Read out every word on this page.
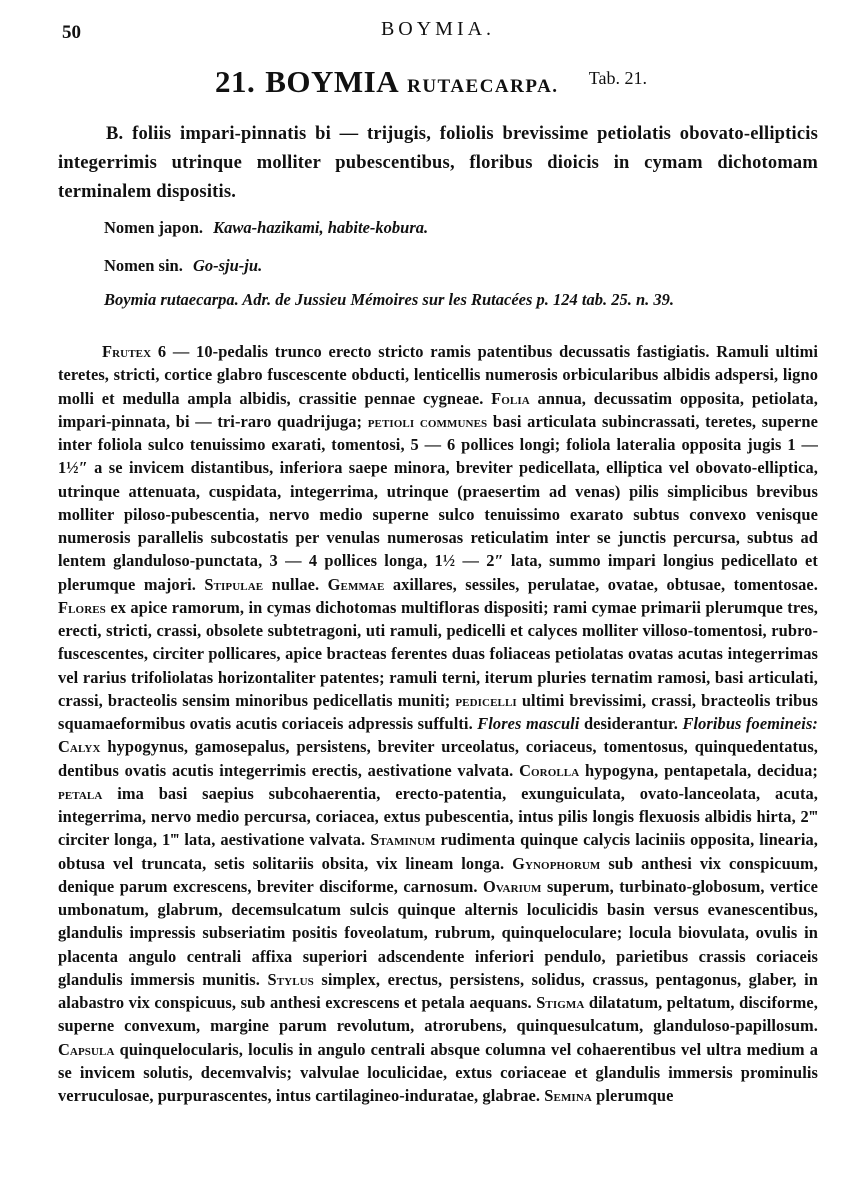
50	BOYMIA.
21. BOYMIA RUTAECARPA. Tab. 21.

B. foliis impari-pinnatis bi — trijugis, foliolis brevissime petiolatis obovato-ellipticis integerrimis utrinque molliter pubescentibus, floribus dioicis in cymam dichotomam terminalem dispositis.

Nomen japon. Kawa-hazikami, habite-kobura.
Nomen sin. Go-sju-ju.
Boymia rutaecarpa. Adr. de Jussieu Mémoires sur les Rutacées p. 124 tab. 25. n. 39.

Frutex 6 — 10-pedalis trunco erecto stricto ramis patentibus decussatis fastigiatis. Ramuli ultimi teretes, stricti, cortice glabro fuscescente obducti, lenticellis numerosis orbicularibus albidis adspersi, ligno molli et medulla ampla albidis, crassitie pennae cygneae. Folia annua, decussatim opposita, petiolata, impari-pinnata, bi — tri-raro quadrijuga; petioli communes basi articulata subincrassati, teretes, superne inter foliola sulco tenuissimo exarati, tomentosi, 5 — 6 pollices longi; foliola lateralia opposita jugis 1 — 1½″ a se invicem distantibus, inferiora saepe minora, breviter pedicellata, elliptica vel obovato-elliptica, utrinque attenuata, cuspidata, integerrima, utrinque (praesertim ad venas) pilis simplicibus brevibus molliter piloso-pubescentia, nervo medio superne sulco tenuissimo exarato subtus convexo venisque numerosis parallelis subcostatis per venulas numerosas reticulatim inter se junctis percursa, subtus ad lentem glanduloso-punctata, 3 — 4 pollices longa, 1½ — 2″ lata, summo impari longius pedicellato et plerumque majori. Stipulae nullae. Gemmae axillares, sessiles, perulatae, ovatae, obtusae, tomentosae. Flores ex apice ramorum, in cymas dichotomas multifloras dispositi; rami cymae primarii plerumque tres, erecti, stricti, crassi, obsolete subtetragoni, uti ramuli, pedicelli et calyces molliter villoso-tomentosi, rubro-fuscescentes, circiter pollicares, apice bracteas ferentes duas foliaceas petiolatas ovatas acutas integerrimas vel rarius trifoliolatas horizontaliter patentes; ramuli terni, iterum pluries ternatim ramosi, basi articulati, crassi, bracteolis sensim minoribus pedicellatis muniti; pedicelli ultimi brevissimi, crassi, bracteolis tribus squamaeformibus ovatis acutis coriaceis adpressis suffulti. Flores masculi desiderantur. Floribus foemineis: Calyx hypogynus, gamosepalus, persistens, breviter urceolatus, coriaceus, tomentosus, quinquedentatus, dentibus ovatis acutis integerrimis erectis, aestivatione valvata. Corolla hypogyna, pentapetala, decidua; petala ima basi saepius subcohaerentia, erecto-patentia, exunguiculata, ovato-lanceolata, acuta, integerrima, nervo medio percursa, coriacea, extus pubescentia, intus pilis longis flexuosis albidis hirta, 2‴ circiter longa, 1‴ lata, aestivatione valvata. Staminum rudimenta quinque calycis laciniis opposita, linearia, obtusa vel truncata, setis solitariis obsita, vix lineam longa. Gynophorum sub anthesi vix conspicuum, denique parum excrescens, breviter disciforme, carnosum. Ovarium superum, turbinato-globosum, vertice umbonatum, glabrum, decemsulcatum sulcis quinque alternis loculicidis basin versus evanescentibus, glandulis impressis subseriatim positis foveolatum, rubrum, quinqueloculare; locula biovulata, ovulis in placenta angulo centrali affixa superiori adscendente inferiori pendulo, parietibus crassis coriaceis glandulis immersis munitis. Stylus simplex, erectus, persistens, solidus, crassus, pentagonus, glaber, in alabastro vix conspicuus, sub anthesi excrescens et petala aequans. Stigma dilatatum, peltatum, disciforme, superne convexum, margine parum revolutum, atrorubens, quinquesulcatum, glanduloso-papillosum. Capsula quinquelocularis, loculis in angulo centrali absque columna vel cohaerentibus vel ultra medium a se invicem solutis, decemvalvis; valvulae loculicidae, extus coriaceae et glandulis immersis prominulis verruculosae, purpurascentes, intus cartilagineo-induratae, glabrae. Semina plerumque
